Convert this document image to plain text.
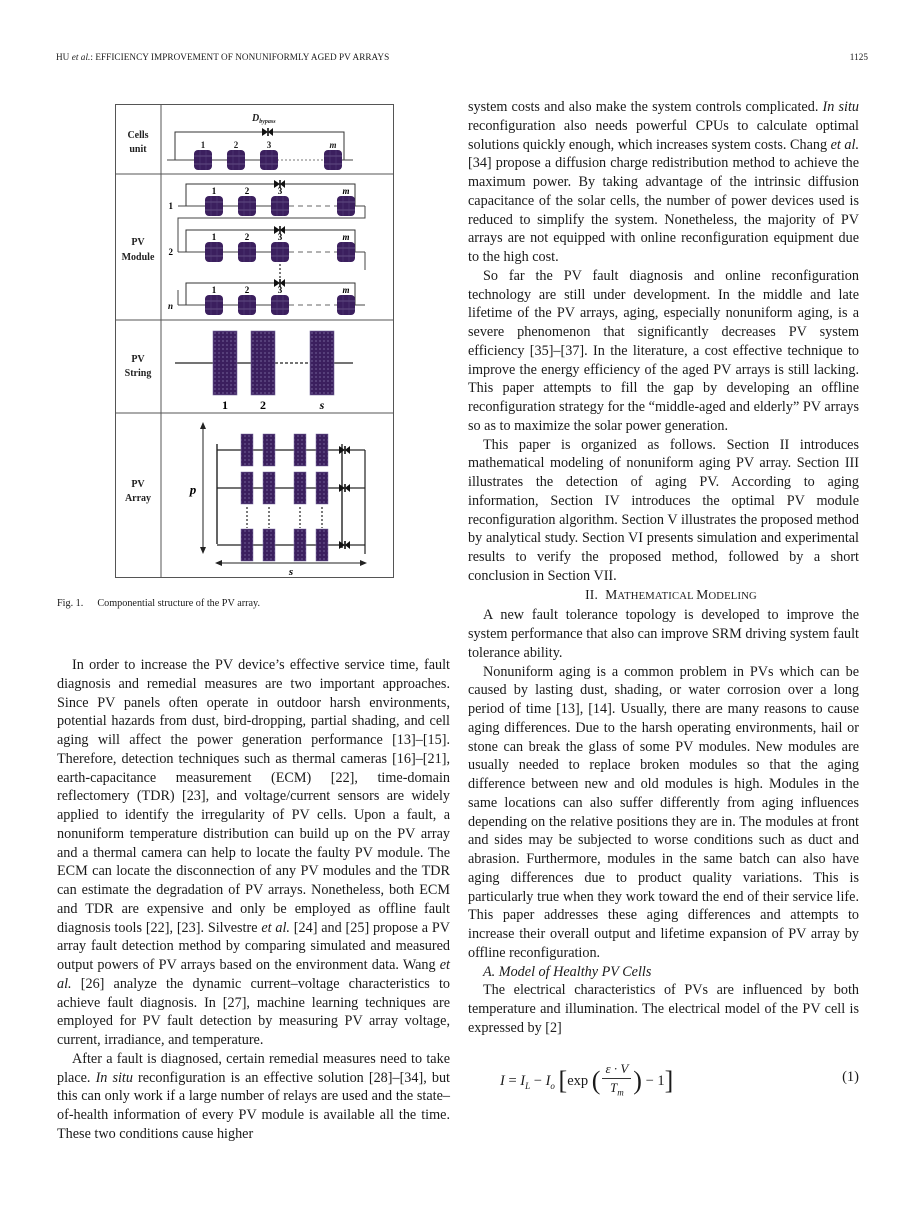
HU et al.: EFFICIENCY IMPROVEMENT OF NONUNIFORMLY AGED PV ARRAYS	1125
Cells
unit
PV
Module
PV
String
PV
Array
$D_{bypass}$
1	2	3	m
1
1	2	3	m
2
1	2	3	m
n
1	2	3	m
1	2	s
p
s
Fig. 1. Componential structure of the PV array.

In order to increase the PV device’s effective service time, fault diagnosis and remedial measures are two important approaches. Since PV panels often operate in outdoor harsh environments, potential hazards from dust, bird-dropping, partial shading, and cell aging will affect the power generation performance [13]–[15]. Therefore, detection techniques such as thermal cameras [16]–[21], earth-capacitance measurement (ECM) [22], time-domain reflectomery (TDR) [23], and voltage/current sensors are widely applied to identify the irregularity of PV cells. Upon a fault, a nonuniform temperature distribution can build up on the PV array and a thermal camera can help to locate the faulty PV module. The ECM can locate the disconnection of any PV modules and the TDR can estimate the degradation of PV arrays. Nonetheless, both ECM and TDR are expensive and only be employed as offline fault diagnosis tools [22], [23]. Silvestre et al. [24] and [25] propose a PV array fault detection method by comparing simulated and measured output powers of PV arrays based on the environment data. Wang et al. [26] analyze the dynamic current–voltage characteristics to achieve fault diagnosis. In [27], machine learning techniques are employed for PV fault detection by measuring PV array voltage, current, irradiance, and temperature.

After a fault is diagnosed, certain remedial measures need to take place. In situ reconfiguration is an effective solution [28]–[34], but this can only work if a large number of relays are used and the state–of-health information of every PV module is available all the time. These two conditions cause higher

system costs and also make the system controls complicated. In situ reconfiguration also needs powerful CPUs to calculate optimal solutions quickly enough, which increases system costs. Chang et al. [34] propose a diffusion charge redistribution method to achieve the maximum power. By taking advantage of the intrinsic diffusion capacitance of the solar cells, the number of power devices used is reduced to simplify the system. Nonetheless, the majority of PV arrays are not equipped with online reconfiguration equipment due to the high cost.

So far the PV fault diagnosis and online reconfiguration technology are still under development. In the middle and late lifetime of the PV arrays, aging, especially nonuniform aging, is a severe phenomenon that significantly decreases PV system efficiency [35]–[37]. In the literature, a cost effective technique to improve the energy efficiency of the aged PV arrays is still lacking. This paper attempts to fill the gap by developing an offline reconfiguration strategy for the “middle-aged and elderly” PV arrays so as to maximize the solar power generation.

This paper is organized as follows. Section II introduces mathematical modeling of nonuniform aging PV array. Section III illustrates the detection of aging PV. According to aging information, Section IV introduces the optimal PV module reconfiguration algorithm. Section V illustrates the proposed method by analytical study. Section VI presents simulation and experimental results to verify the proposed method, followed by a short conclusion in Section VII.

II. MATHEMATICAL MODELING

A new fault tolerance topology is developed to improve the system performance that also can improve SRM driving system fault tolerance ability.

Nonuniform aging is a common problem in PVs which can be caused by lasting dust, shading, or water corrosion over a long period of time [13], [14]. Usually, there are many reasons to cause aging differences. Due to the harsh operating environments, hail or stone can break the glass of some PV modules. New modules are usually needed to replace broken modules so that the aging difference between new and old modules is high. Modules in the same locations can also suffer differently from aging influences depending on the relative positions they are in. The modules at front and sides may be subjected to worse conditions such as duct and abrasion. Furthermore, modules in the same batch can also have aging differences due to product quality variations. This is particularly true when they work toward the end of their service life. This paper addresses these aging differences and attempts to increase their overall output and lifetime expansion of PV array by offline reconfiguration.

A. Model of Healthy PV Cells

The electrical characteristics of PVs are influenced by both temperature and illumination. The electrical model of the PV cell is expressed by [2]

$I = I_L - I_o$ [exp ( $\frac{\varepsilon \cdot V}{T_m}$ ) − 1]	(1)
